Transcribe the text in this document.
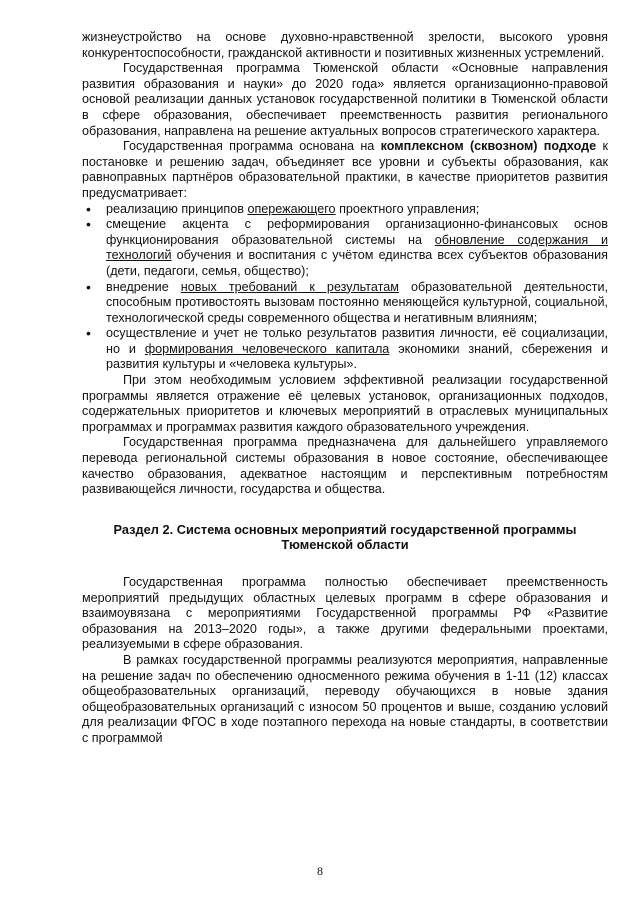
жизнеустройство на основе духовно-нравственной зрелости, высокого уровня конкурентоспособности, гражданской активности и позитивных жизненных устремлений.

Государственная программа Тюменской области «Основные направления развития образования и науки» до 2020 года» является организационно-правовой основой реализации данных установок государственной политики в Тюменской области в сфере образования, обеспечивает преемственность развития регионального образования, направлена на решение актуальных вопросов стратегического характера.

Государственная программа основана на комплексном (сквозном) подходе к постановке и решению задач, объединяет все уровни и субъекты образования, как равноправных партнёров образовательной практики, в качестве приоритетов развития предусматривает:

• реализацию принципов опережающего проектного управления;
• смещение акцента с реформирования организационно-финансовых основ функционирования образовательной системы на обновление содержания и технологий обучения и воспитания с учётом единства всех субъектов образования (дети, педагоги, семья, общество);
• внедрение новых требований к результатам образовательной деятельности, способным противостоять вызовам постоянно меняющейся культурной, социальной, технологической среды современного общества и негативным влияниям;
• осуществление и учет не только результатов развития личности, её социализации, но и формирования человеческого капитала экономики знаний, сбережения и развития культуры и «человека культуры».

При этом необходимым условием эффективной реализации государственной программы является отражение её целевых установок, организационных подходов, содержательных приоритетов и ключевых мероприятий в отраслевых муниципальных программах и программах развития каждого образовательного учреждения.

Государственная программа предназначена для дальнейшего управляемого перевода региональной системы образования в новое состояние, обеспечивающее качество образования, адекватное настоящим и перспективным потребностям развивающейся личности, государства и общества.

Раздел 2. Система основных мероприятий государственной программы Тюменской области

Государственная программа полностью обеспечивает преемственность мероприятий предыдущих областных целевых программ в сфере образования и взаимоувязана с мероприятиями Государственной программы РФ «Развитие образования на 2013–2020 годы», а также другими федеральными проектами, реализуемыми в сфере образования.

В рамках государственной программы реализуются мероприятия, направленные на решение задач по обеспечению односменного режима обучения в 1-11 (12) классах общеобразовательных организаций, переводу обучающихся в новые здания общеобразовательных организаций с износом 50 процентов и выше, созданию условий для реализации ФГОС в ходе поэтапного перехода на новые стандарты, в соответствии с программой

8
